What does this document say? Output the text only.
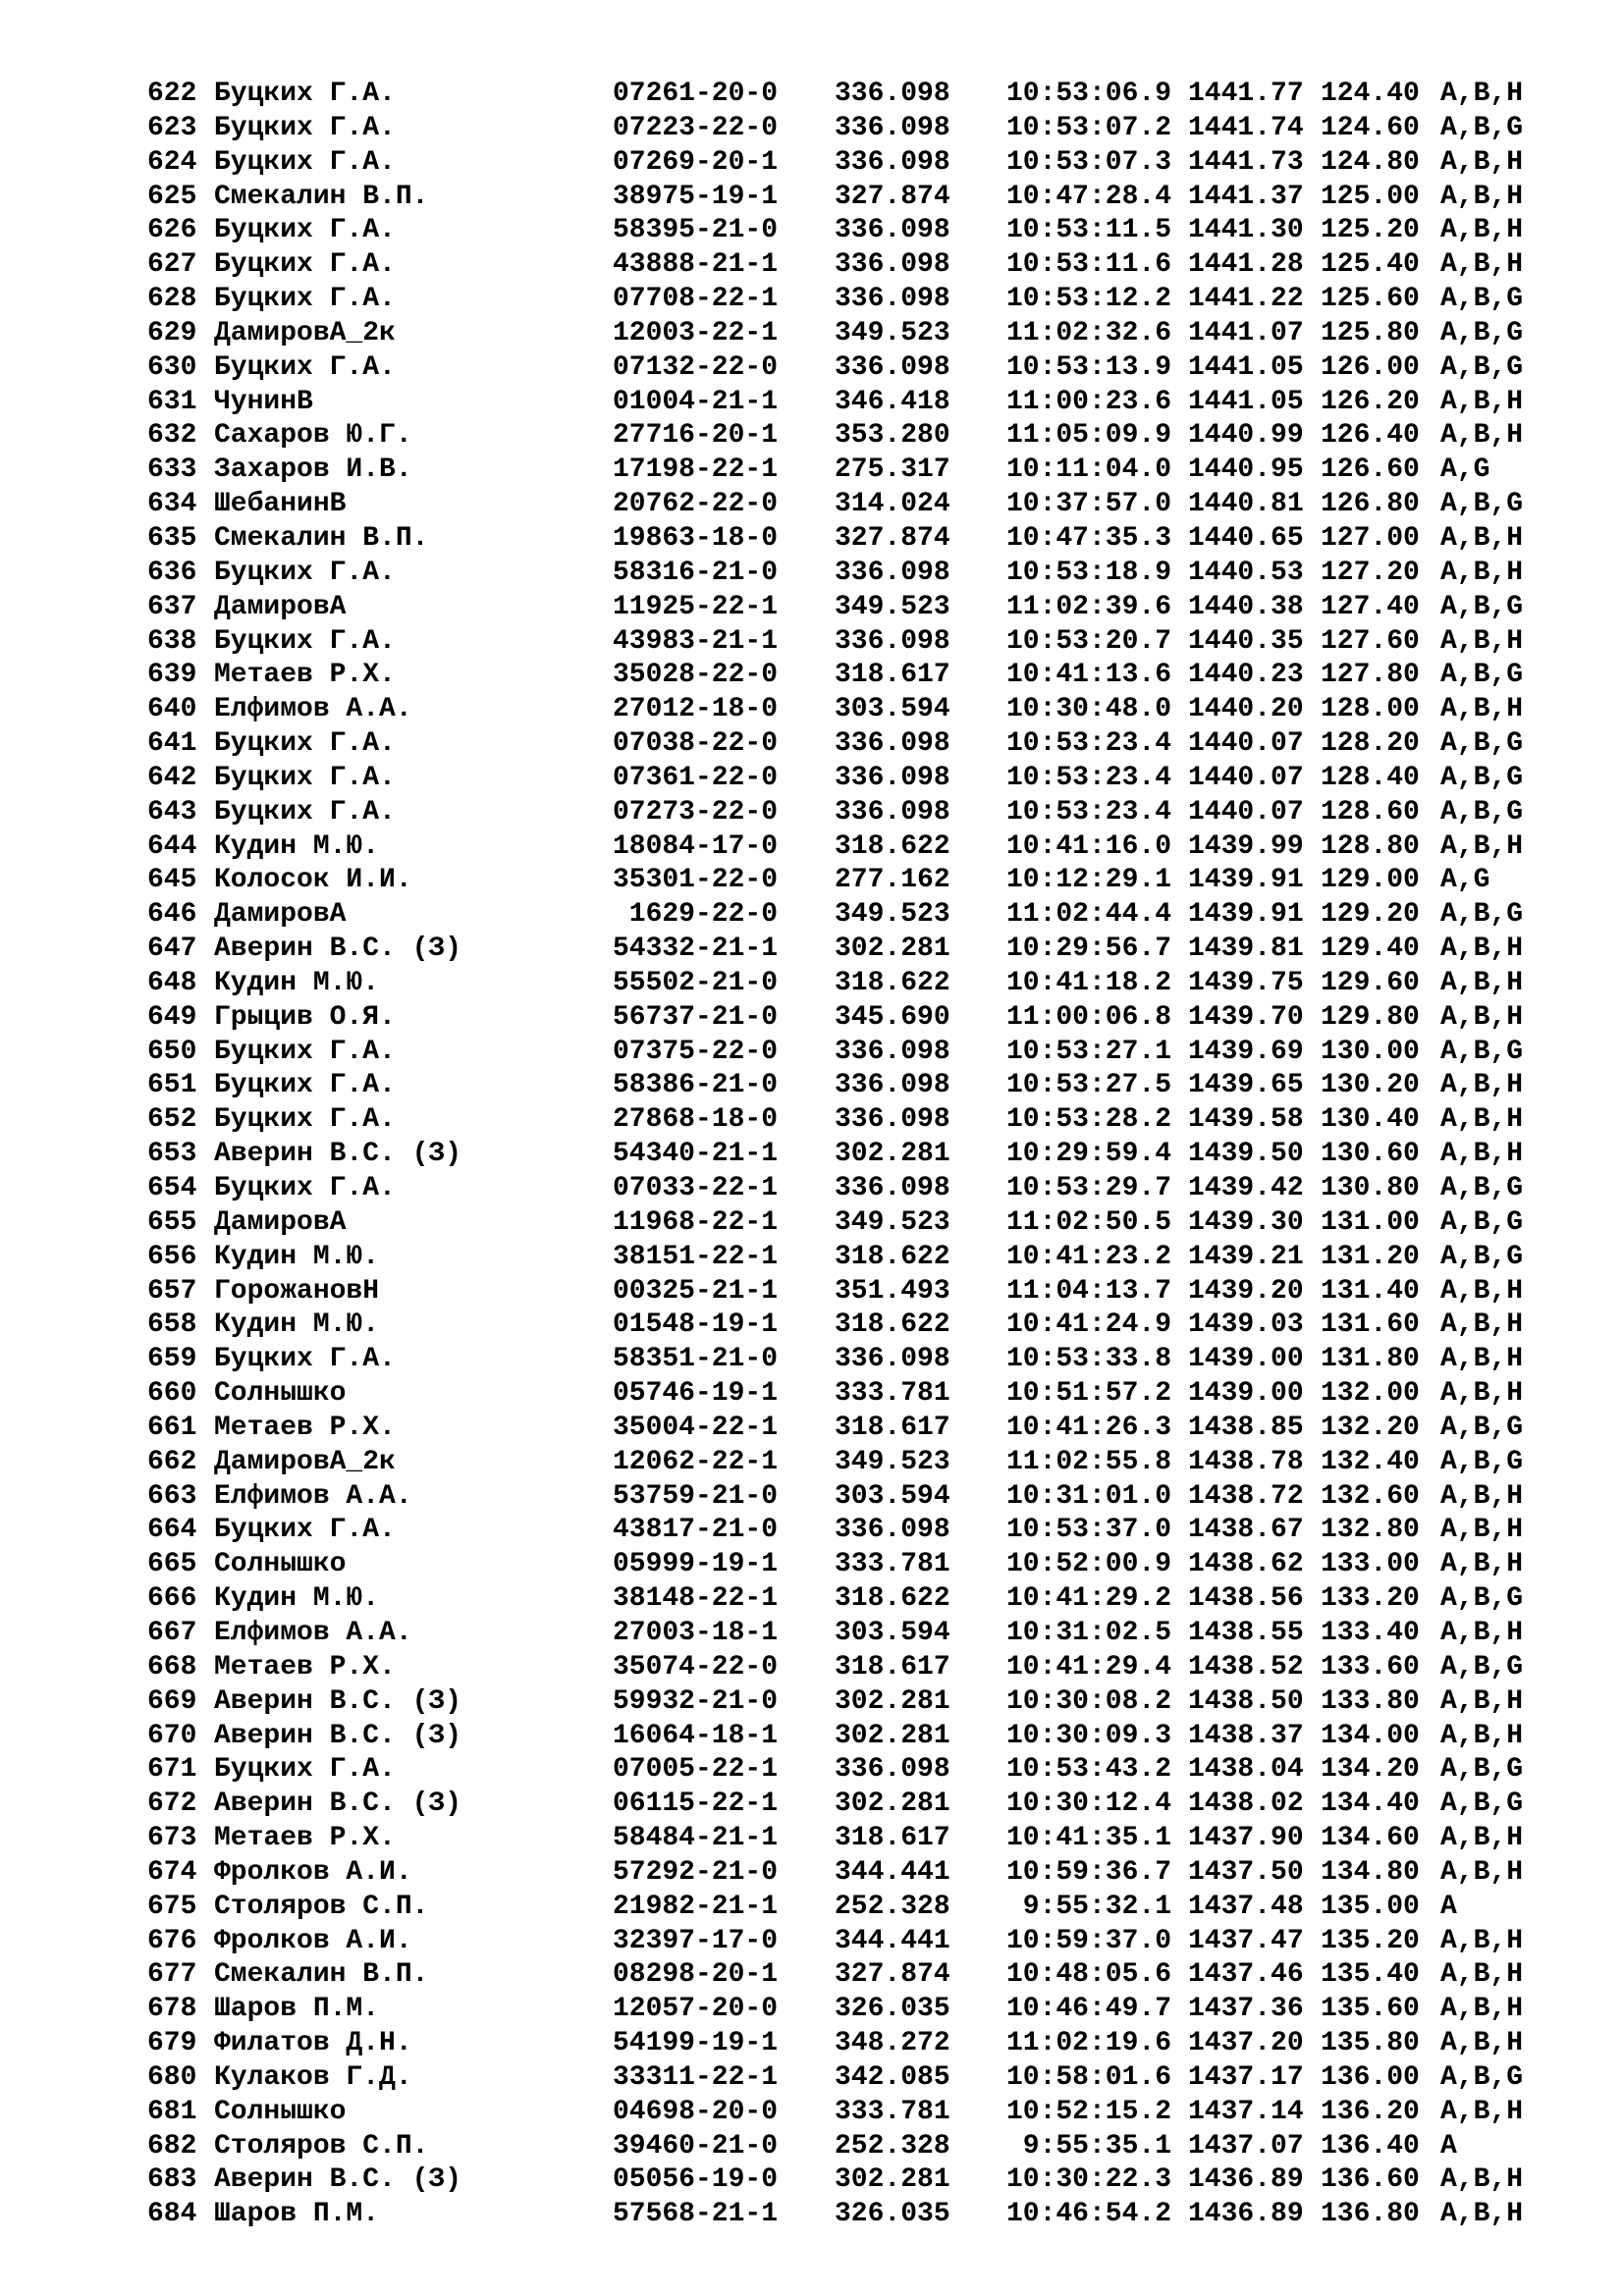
622 Буцких Г.А.	07261-20-0 336.098	10:53:06.9 1441.77 124.40 A,B,H
623 Буцких Г.А.	07223-22-0 336.098	10:53:07.2 1441.74 124.60 A,B,G
624 Буцких Г.А.	07269-20-1 336.098	10:53:07.3 1441.73 124.80 A,B,H
625 Смекалин В.П.	38975-19-1 327.874	10:47:28.4 1441.37 125.00 A,B,H
626 Буцких Г.А.	58395-21-0 336.098	10:53:11.5 1441.30 125.20 A,B,H
627 Буцких Г.А.	43888-21-1 336.098	10:53:11.6 1441.28 125.40 A,B,H
628 Буцких Г.А.	07708-22-1 336.098	10:53:12.2 1441.22 125.60 A,B,G
629 ДамировА_2к	12003-22-1 349.523	11:02:32.6 1441.07 125.80 A,B,G
630 Буцких Г.А.	07132-22-0 336.098	10:53:13.9 1441.05 126.00 A,B,G
631 ЧунинВ	01004-21-1 346.418	11:00:23.6 1441.05 126.20 A,B,H
632 Сахаров Ю.Г.	27716-20-1 353.280	11:05:09.9 1440.99 126.40 A,B,H
633 Захаров И.В.	17198-22-1 275.317	10:11:04.0 1440.95 126.60 A,G
634 ШебанинВ	20762-22-0 314.024	10:37:57.0 1440.81 126.80 A,B,G
635 Смекалин В.П.	19863-18-0 327.874	10:47:35.3 1440.65 127.00 A,B,H
636 Буцких Г.А.	58316-21-0 336.098	10:53:18.9 1440.53 127.20 A,B,H
637 ДамировА	11925-22-1 349.523	11:02:39.6 1440.38 127.40 A,B,G
638 Буцких Г.А.	43983-21-1 336.098	10:53:20.7 1440.35 127.60 A,B,H
639 Метаев Р.Х.	35028-22-0 318.617	10:41:13.6 1440.23 127.80 A,B,G
640 Елфимов А.А.	27012-18-0 303.594	10:30:48.0 1440.20 128.00 A,B,H
641 Буцких Г.А.	07038-22-0 336.098	10:53:23.4 1440.07 128.20 A,B,G
642 Буцких Г.А.	07361-22-0 336.098	10:53:23.4 1440.07 128.40 A,B,G
643 Буцких Г.А.	07273-22-0 336.098	10:53:23.4 1440.07 128.60 A,B,G
644 Кудин М.Ю.	18084-17-0 318.622	10:41:16.0 1439.99 128.80 A,B,H
645 Колосок И.И.	35301-22-0 277.162	10:12:29.1 1439.91 129.00 A,G
646 ДамировА	1629-22-0 349.523	11:02:44.4 1439.91 129.20 A,B,G
647 Аверин В.С. (З)	54332-21-1 302.281	10:29:56.7 1439.81 129.40 A,B,H
648 Кудин М.Ю.	55502-21-0 318.622	10:41:18.2 1439.75 129.60 A,B,H
649 Грыцив О.Я.	56737-21-0 345.690	11:00:06.8 1439.70 129.80 A,B,H
650 Буцких Г.А.	07375-22-0 336.098	10:53:27.1 1439.69 130.00 A,B,G
651 Буцких Г.А.	58386-21-0 336.098	10:53:27.5 1439.65 130.20 A,B,H
652 Буцких Г.А.	27868-18-0 336.098	10:53:28.2 1439.58 130.40 A,B,H
653 Аверин В.С. (З)	54340-21-1 302.281	10:29:59.4 1439.50 130.60 A,B,H
654 Буцких Г.А.	07033-22-1 336.098	10:53:29.7 1439.42 130.80 A,B,G
655 ДамировА	11968-22-1 349.523	11:02:50.5 1439.30 131.00 A,B,G
656 Кудин М.Ю.	38151-22-1 318.622	10:41:23.2 1439.21 131.20 A,B,G
657 ГорожановН	00325-21-1 351.493	11:04:13.7 1439.20 131.40 A,B,H
658 Кудин М.Ю.	01548-19-1 318.622	10:41:24.9 1439.03 131.60 A,B,H
659 Буцких Г.А.	58351-21-0 336.098	10:53:33.8 1439.00 131.80 A,B,H
660 Солнышко	05746-19-1 333.781	10:51:57.2 1439.00 132.00 A,B,H
661 Метаев Р.Х.	35004-22-1 318.617	10:41:26.3 1438.85 132.20 A,B,G
662 ДамировА_2к	12062-22-1 349.523	11:02:55.8 1438.78 132.40 A,B,G
663 Елфимов А.А.	53759-21-0 303.594	10:31:01.0 1438.72 132.60 A,B,H
664 Буцких Г.А.	43817-21-0 336.098	10:53:37.0 1438.67 132.80 A,B,H
665 Солнышко	05999-19-1 333.781	10:52:00.9 1438.62 133.00 A,B,H
666 Кудин М.Ю.	38148-22-1 318.622	10:41:29.2 1438.56 133.20 A,B,G
667 Елфимов А.А.	27003-18-1 303.594	10:31:02.5 1438.55 133.40 A,B,H
668 Метаев Р.Х.	35074-22-0 318.617	10:41:29.4 1438.52 133.60 A,B,G
669 Аверин В.С. (З)	59932-21-0 302.281	10:30:08.2 1438.50 133.80 A,B,H
670 Аверин В.С. (З)	16064-18-1 302.281	10:30:09.3 1438.37 134.00 A,B,H
671 Буцких Г.А.	07005-22-1 336.098	10:53:43.2 1438.04 134.20 A,B,G
672 Аверин В.С. (З)	06115-22-1 302.281	10:30:12.4 1438.02 134.40 A,B,G
673 Метаев Р.Х.	58484-21-1 318.617	10:41:35.1 1437.90 134.60 A,B,H
674 Фролков А.И.	57292-21-0 344.441	10:59:36.7 1437.50 134.80 A,B,H
675 Столяров С.П.	21982-21-1 252.328	9:55:32.1 1437.48 135.00 A
676 Фролков А.И.	32397-17-0 344.441	10:59:37.0 1437.47 135.20 A,B,H
677 Смекалин В.П.	08298-20-1 327.874	10:48:05.6 1437.46 135.40 A,B,H
678 Шаров П.М.	12057-20-0 326.035	10:46:49.7 1437.36 135.60 A,B,H
679 Филатов Д.Н.	54199-19-1 348.272	11:02:19.6 1437.20 135.80 A,B,H
680 Кулаков Г.Д.	33311-22-1 342.085	10:58:01.6 1437.17 136.00 A,B,G
681 Солнышко	04698-20-0 333.781	10:52:15.2 1437.14 136.20 A,B,H
682 Столяров С.П.	39460-21-0 252.328	9:55:35.1 1437.07 136.40 A
683 Аверин В.С. (З)	05056-19-0 302.281	10:30:22.3 1436.89 136.60 A,B,H
684 Шаров П.М.	57568-21-1 326.035	10:46:54.2 1436.89 136.80 A,B,H
